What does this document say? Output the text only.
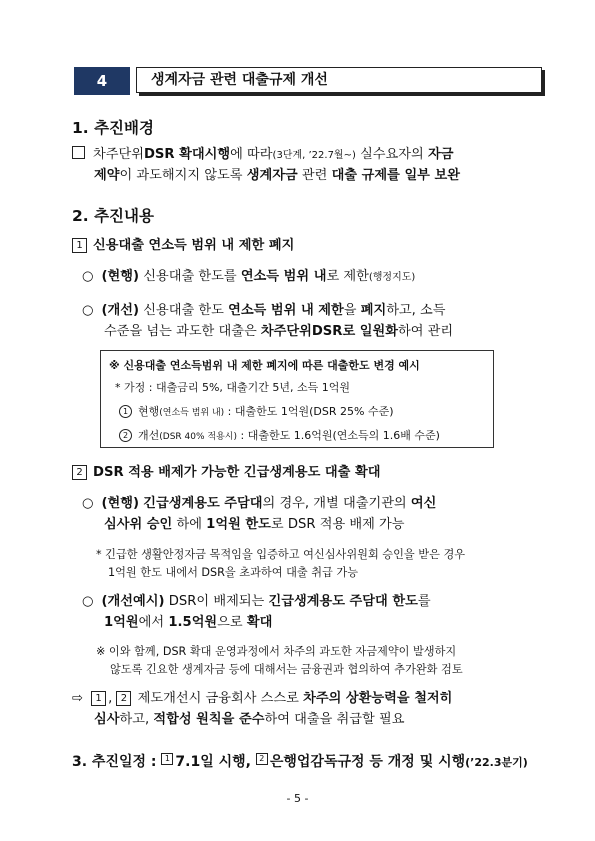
4	생계자금 관련 대출규제 개선
1. 추진배경
차주단위DSR 확대시행에 따라(3단계, ’22.7월~) 실수요자의 자금
제약이 과도해지지 않도록 생계자금 관련 대출 규제를 일부 보완
2. 추진내용
1 신용대출 연소득 범위 내 제한 폐지
○ (현행) 신용대출 한도를 연소득 범위 내로 제한(행정지도)
○ (개선) 신용대출 한도 연소득 범위 내 제한을 폐지하고, 소득
수준을 넘는 과도한 대출은 차주단위DSR로 일원화하여 관리
※ 신용대출 연소득범위 내 제한 폐지에 따른 대출한도 변경 예시
* 가정 : 대출금리 5%, 대출기간 5년, 소득 1억원
1 현행(연소득 범위 내) : 대출한도 1억원(DSR 25% 수준)
2 개선(DSR 40% 적용시) : 대출한도 1.6억원(연소득의 1.6배 수준)
2 DSR 적용 배제가 가능한 긴급생계용도 대출 확대
○ (현행) 긴급생계용도 주담대의 경우, 개별 대출기관의 여신
심사위 승인 하에 1억원 한도로 DSR 적용 배제 가능
* 긴급한 생활안정자금 목적임을 입증하고 여신심사위원회 승인을 받은 경우
1억원 한도 내에서 DSR을 초과하여 대출 취급 가능
○ (개선예시) DSR이 배제되는 긴급생계용도 주담대 한도를
1억원에서 1.5억원으로 확대
※ 이와 함께, DSR 확대 운영과정에서 차주의 과도한 자금제약이 발생하지
않도록 긴요한 생계자금 등에 대해서는 금융권과 협의하여 추가완화 검토
⇨ 1 , 2 제도개선시 금융회사 스스로 차주의 상환능력을 철저히
심사하고, 적합성 원칙을 준수하여 대출을 취급할 필요
3. 추진일정 : 1 7.1일 시행, 2 은행업감독규정 등 개정 및 시행(’22.3분기)
- 5 -
